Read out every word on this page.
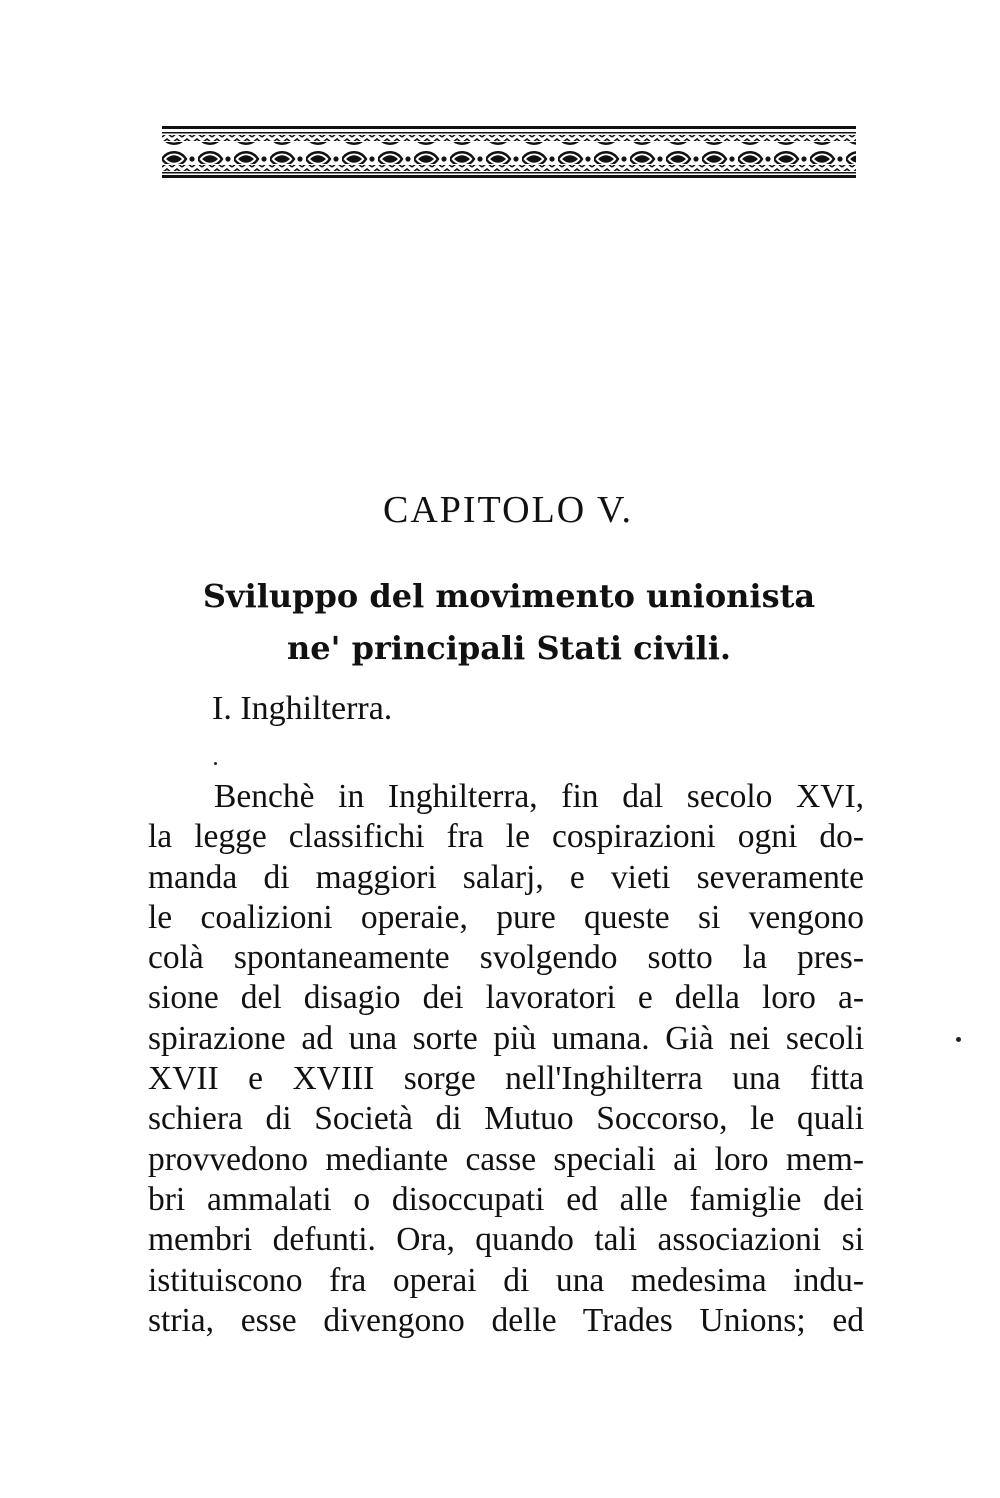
CAPITOLO V.
Sviluppo del movimento unionista
ne' principali Stati civili.
I. Inghilterra.

Benchè in Inghilterra, fin dal secolo XVI,
la legge classifichi fra le cospirazioni ogni do-
manda di maggiori salarj, e vieti severamente
le coalizioni operaie, pure queste si vengono
colà spontaneamente svolgendo sotto la pres-
sione del disagio dei lavoratori e della loro a-
spirazione ad una sorte più umana. Già nei secoli
XVII e XVIII sorge nell'Inghilterra una fitta
schiera di Società di Mutuo Soccorso, le quali
provvedono mediante casse speciali ai loro mem-
bri ammalati o disoccupati ed alle famiglie dei
membri defunti. Ora, quando tali associazioni si
istituiscono fra operai di una medesima indu-
stria, esse divengono delle Trades Unions; ed
